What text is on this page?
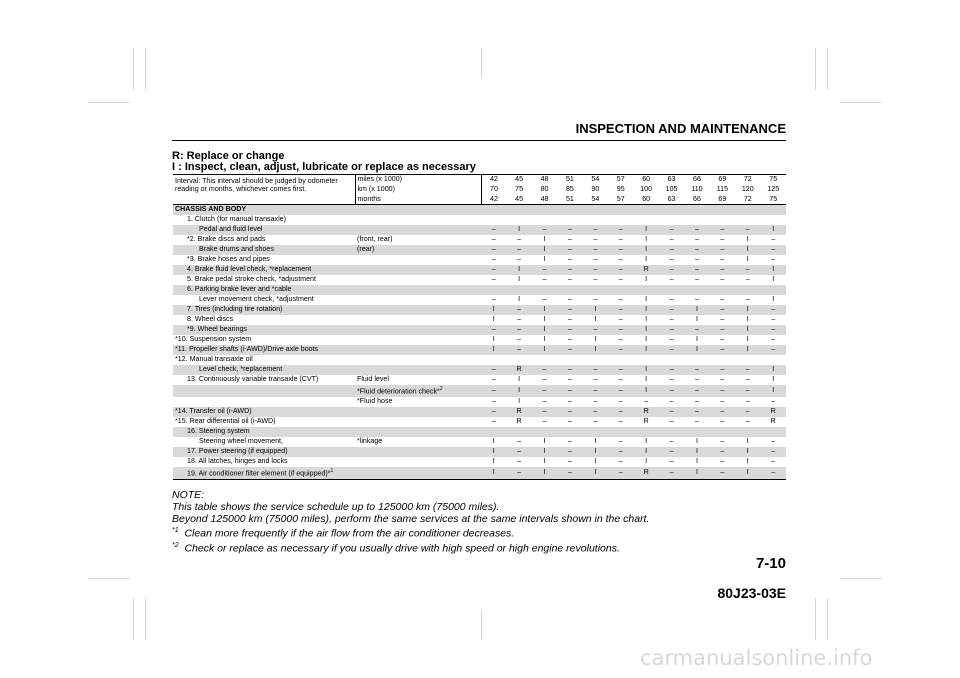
INSPECTION AND MAINTENANCE
R: Replace or change
I : Inspect, clean, adjust, lubricate or replace as necessary
Interval: This interval should be judged by odometer reading or months, whichever comes first.	miles (x 1000)	42	45	48	51	54	57	60	63	66	69	72	75
	km (x 1000)	70	75	80	85	90	95	100	105	110	115	120	125
	months	42	45	48	51	54	57	60	63	66	69	72	75
CHASSIS AND BODY													
1. Clutch (for manual transaxle)													
Pedal and fluid level		–	I	–	–	–	–	I	–	–	–	–	I
*2. Brake discs and pads	(front, rear)	–	–	I	–	–	–	I	–	–	–	I	–
Brake drums and shoes	(rear)	–	–	I	–	–	–	I	–	–	–	I	–
*3. Brake hoses and pipes		–	–	I	–	–	–	I	–	–	–	I	–
4. Brake fluid level check, *replacement		–	I	–	–	–	–	R	–	–	–	–	I
5. Brake pedal stroke check, *adjustment		–	I	–	–	–	–	I	–	–	–	–	I
6. Parking brake lever and *cable													
Lever movement check, *adjustment		–	I	–	–	–	–	I	–	–	–	–	I
7. Tires (including tire rotation)		I	–	I	–	I	–	I	–	I	–	I	–
8. Wheel discs		I	–	I	–	I	–	I	–	I	–	I	–
*9. Wheel bearings		–	–	I	–	–	–	I	–	–	–	I	–
*10. Suspension system		I	–	I	–	I	–	I	–	I	–	I	–
*11. Propeller shafts (i-AWD)/Drive axle boots		I	–	I	–	I	–	I	–	I	–	I	–
*12. Manual transaxle oil													
Level check, *replacement		–	R	–	–	–	–	I	–	–	–	–	I
13. Continuously variable transaxle (CVT)	Fluid level	–	I	–	–	–	–	I	–	–	–	–	I
	*Fluid deterioration check*$^2$	–	I	–	–	–	–	I	–	–	–	–	I
	*Fluid hose	–	I	–	–	–	–	–	–	–	–	–	–
*14. Transfer oil (i-AWD)		–	R	–	–	–	–	R	–	–	–	–	R
*15. Rear differential oil (i-AWD)		–	R	–	–	–	–	R	–	–	–	–	R
16. Steering system													
Steering wheel movement,	*linkage	I	–	I	–	I	–	I	–	I	–	I	–
17. Power steering (if equipped)		I	–	I	–	I	–	I	–	I	–	I	–
18. All latches, hinges and locks		I	–	I	–	I	–	I	–	I	–	I	–
19. Air conditioner filter element (if equipped)*$^1$		I	–	I	–	I	–	R	–	I	–	I	–
NOTE:
This table shows the service schedule up to 125000 km (75000 miles).
Beyond 125000 km (75000 miles), perform the same services at the same intervals shown in the chart.
$^{*1}$ Clean more frequently if the air flow from the air conditioner decreases.
$^{*2}$ Check or replace as necessary if you usually drive with high speed or high engine revolutions.
7-10
80J23-03E
carmanualsonline.info
